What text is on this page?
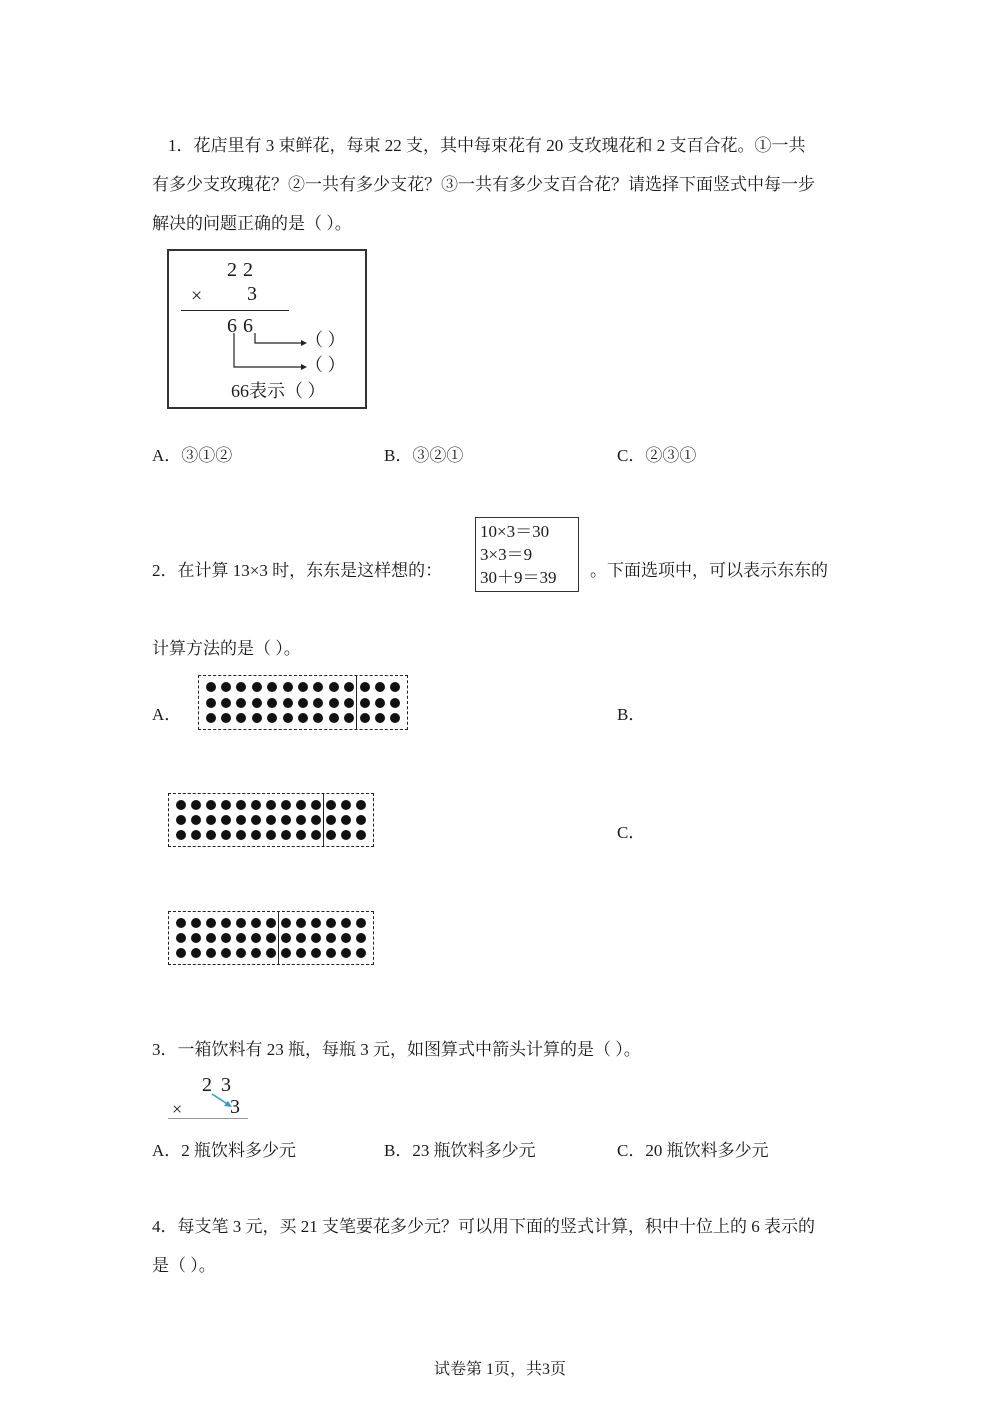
1．花店里有 3 束鲜花，每束 22 支，其中每束花有 20 支玫瑰花和 2 支百合花。①一共
有多少支玫瑰花？②一共有多少支花？③一共有多少支百合花？请选择下面竖式中每一步
解决的问题正确的是（ ）。
22
× 3
66
（ ）
（ ）
66表示（ ）
A．③①②	B．③②①	C．②③①
2．在计算 13×3 时，东东是这样想的：
10×3＝30
3×3＝9
30＋9＝39	。下面选项中，可以表示东东的
计算方法的是（ ）。
A．	B．
C．
3．一箱饮料有 23 瓶，每瓶 3 元，如图算式中箭头计算的是（ ）。
2 3
× 3
A．2 瓶饮料多少元	B．23 瓶饮料多少元	C．20 瓶饮料多少元
4．每支笔 3 元，买 21 支笔要花多少元？可以用下面的竖式计算，积中十位上的 6 表示的
是（ ）。
试卷第 1页，共3页
